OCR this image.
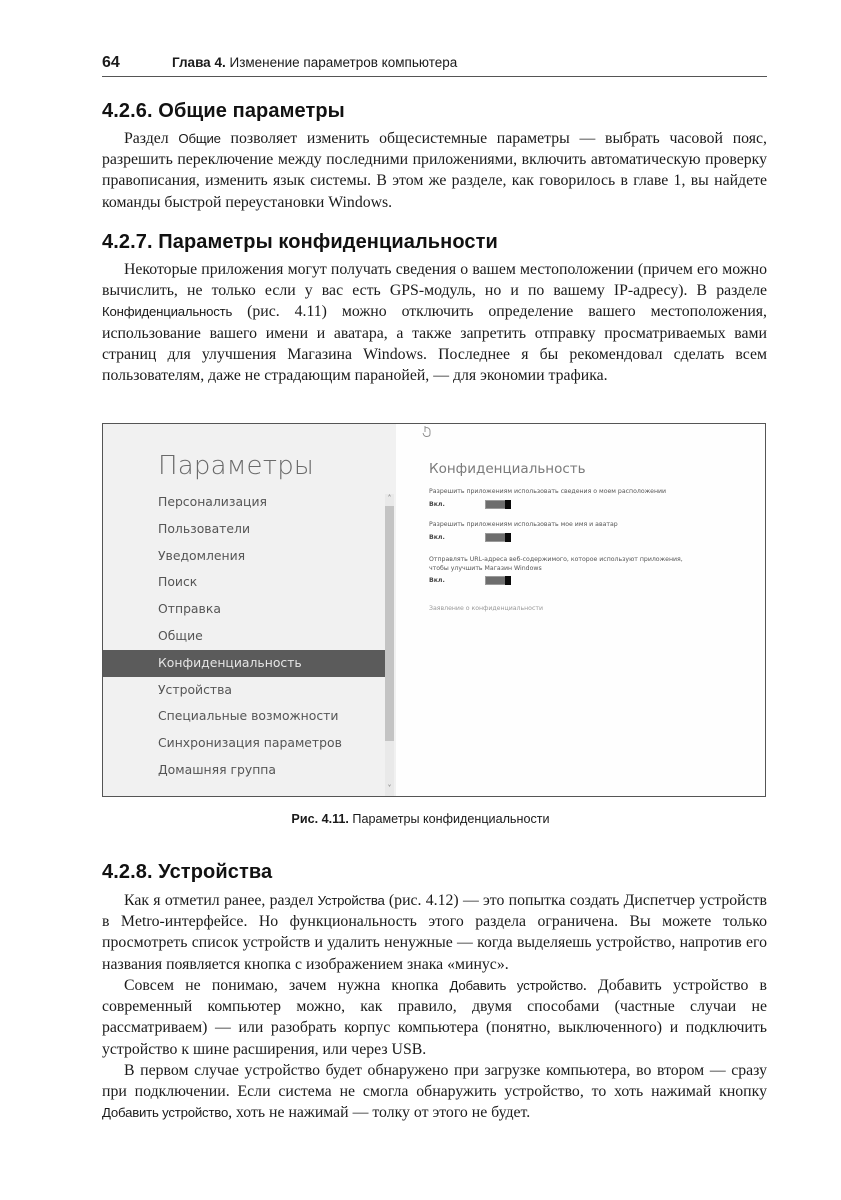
64	Глава 4. Изменение параметров компьютера
4.2.6. Общие параметры

Раздел Общие позволяет изменить общесистемные параметры — выбрать часовой пояс, разрешить переключение между последними приложениями, включить автоматическую проверку правописания, изменить язык системы. В этом же разделе, как говорилось в главе 1, вы найдете команды быстрой переустановки Windows.

4.2.7. Параметры конфиденциальности

Некоторые приложения могут получать сведения о вашем местоположении (причем его можно вычислить, не только если у вас есть GPS-модуль, но и по вашему IP-адресу). В разделе Конфиденциальность (рис. 4.11) можно отключить определение вашего местоположения, использование вашего имени и аватара, а также запретить отправку просматриваемых вами страниц для улучшения Магазина Windows. Последнее я бы рекомендовал сделать всем пользователям, даже не страдающим паранойей, — для экономии трафика.

4.2.8. Устройства

Как я отметил ранее, раздел Устройства (рис. 4.12) — это попытка создать Диспетчер устройств в Metro-интерфейсе. Но функциональность этого раздела ограничена. Вы можете только просмотреть список устройств и удалить ненужные — когда выделяешь устройство, напротив его названия появляется кнопка с изображением знака «минус».

Совсем не понимаю, зачем нужна кнопка Добавить устройство. Добавить устройство в современный компьютер можно, как правило, двумя способами (частные случаи не рассматриваем) — или разобрать корпус компьютера (понятно, выключенного) и подключить устройство к шине расширения, или через USB.

В первом случае устройство будет обнаружено при загрузке компьютера, во втором — сразу при подключении. Если система не смогла обнаружить устройство, то хоть нажимай кнопку Добавить устройство, хоть не нажимай — толку от этого не будет.

Параметры
Персонализация
Пользователи
Уведомления
Поиск
Отправка
Общие
Конфиденциальность
Устройства
Специальные возможности
Синхронизация параметров
Домашняя группа
˄
˅
Конфиденциальность
Разрешить приложениям использовать сведения о моем расположении
Вкл.
Разрешить приложениям использовать мое имя и аватар
Вкл.
Отправлять URL-адреса веб-содержимого, которое используют приложения,
чтобы улучшить Магазин Windows
Вкл.
Заявление о конфиденциальности
Рис. 4.11. Параметры конфиденциальности
